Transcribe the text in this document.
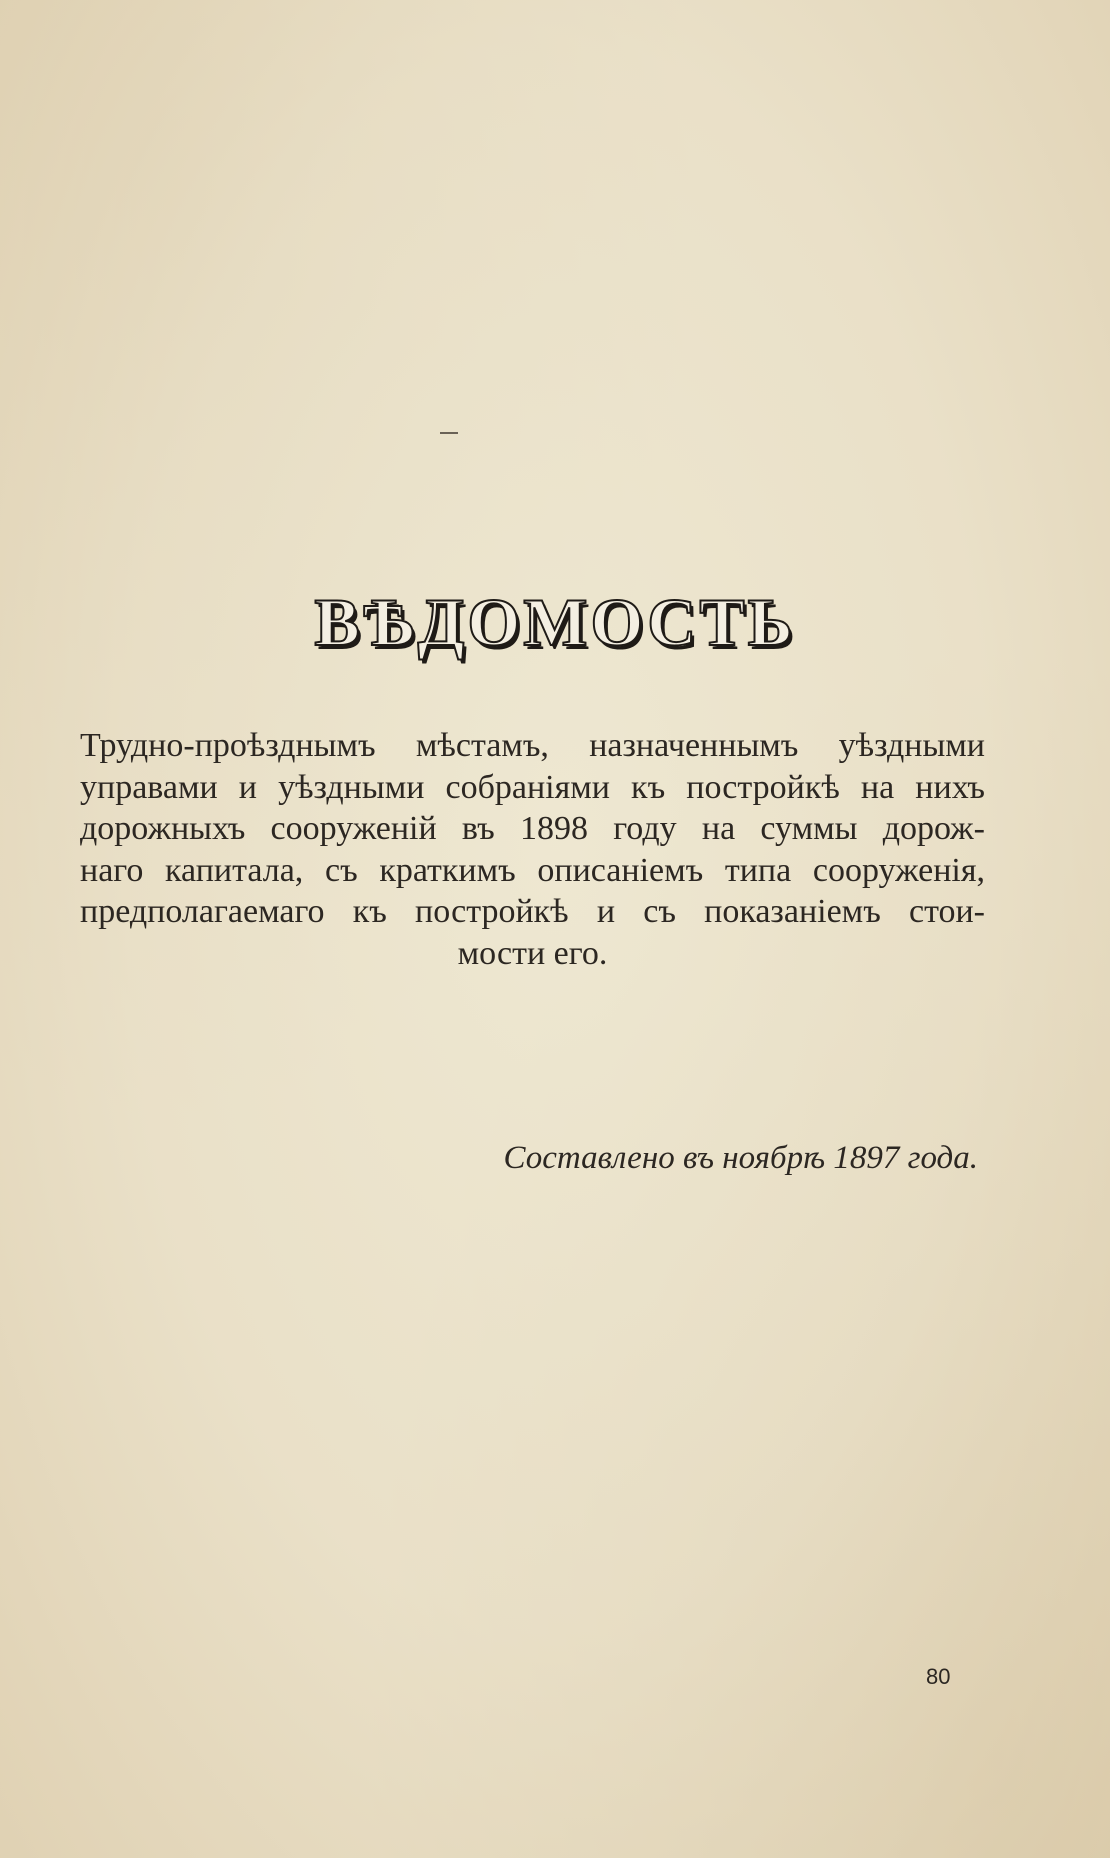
ВѢДОМОСТЬ
Трудно-проѣзднымъ мѣстамъ, назначеннымъ уѣздными
управами и уѣздными собраніями къ постройкѣ на нихъ
дорожныхъ сооруженій въ 1898 году на суммы дорож-
наго капитала, съ краткимъ описаніемъ типа сооруженія,
предполагаемаго къ постройкѣ и съ показаніемъ стои-
мости его.
Составлено въ ноябрѣ 1897 года.
80
